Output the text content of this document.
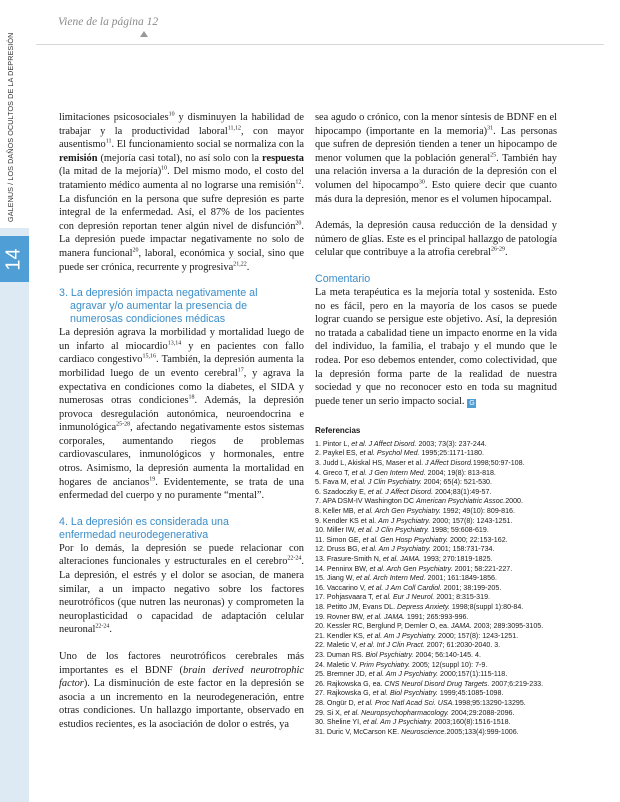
GALENUS / LOS DAÑOS OCULTOS DE LA DEPRESIÓN
14
Viene de la página 12

limitaciones psicosociales$^{10}$ y disminuyen la habilidad de trabajar y la productividad laboral$^{11,12}$, con mayor ausentismo$^{11}$. El funcionamiento social se normaliza con la remisión (mejoría casi total), no así solo con la respuesta (la mitad de la mejoría)$^{10}$. Del mismo modo, el costo del tratamiento médico aumenta al no lograrse una remisión$^{12}$. La disfunción en la persona que sufre depresión es parte integral de la enfermedad. Así, el 87% de los pacientes con depresión reportan tener algún nivel de disfunción$^{20}$. La depresión puede impactar negativamente no solo de manera funcional$^{20}$, laboral, económica y social, sino que puede ser crónica, recurrente y progresiva$^{21,22}$.

3. La depresión impacta negativamente al
agravar y/o aumentar la presencia de
numerosas condiciones médicas

La depresión agrava la morbilidad y mortalidad luego de un infarto al miocardio$^{13,14}$ y en pacientes con fallo cardiaco congestivo$^{15,16}$. También, la depresión aumenta la morbilidad luego de un evento cerebral$^{17}$, y agrava la expectativa en condiciones como la diabetes, el SIDA y numerosas otras condiciones$^{18}$. Además, la depresión provoca desregulación autonómica, neuroendocrina e inmunológica$^{25-28}$, afectando negativamente estos sistemas corporales, aumentando riegos de problemas cardiovasculares, inmunológicos y hormonales, entre otros. Asimismo, la depresión aumenta la mortalidad en hogares de ancianos$^{19}$. Evidentemente, se trata de una enfermedad del cuerpo y no puramente “mental”.

4. La depresión es considerada una
enfermedad neurodegenerativa

Por lo demás, la depresión se puede relacionar con alteraciones funcionales y estructurales en el cerebro$^{22-24}$. La depresión, el estrés y el dolor se asocian, de manera similar, a un impacto negativo sobre los factores neurotróficos (que nutren las neuronas) y comprometen la neuroplasticidad o capacidad de adaptación celular neuronal$^{22-24}$.

Uno de los factores neurotróficos cerebrales más importantes es el BDNF (brain derived neurotrophic factor). La disminución de este factor en la depresión se asocia a un incremento en la neurodegeneración, entre otras condiciones. Un hallazgo importante, observado en estudios recientes, es la asociación de dolor o estrés, ya

sea agudo o crónico, con la menor síntesis de BDNF en el hipocampo (importante en la memoria)$^{31}$. Las personas que sufren de depresión tienden a tener un hipocampo de menor volumen que la población general$^{25}$. También hay una relación inversa a la duración de la depresión con el volumen del hipocampo$^{30}$. Esto quiere decir que cuanto más dura la depresión, menor es el volumen hipocampal.

Además, la depresión causa reducción de la densidad y número de glías. Este es el principal hallazgo de patología celular que contribuye a la atrofia cerebral$^{26-29}$.

Comentario

La meta terapéutica es la mejoría total y sostenida. Esto no es fácil, pero en la mayoría de los casos se puede lograr cuando se persigue este objetivo. Así, la depresión no tratada a cabalidad tiene un impacto enorme en la vida del individuo, la familia, el trabajo y el mundo que le rodea. Por eso debemos entender, como colectividad, que la depresión forma parte de la realidad de nuestra sociedad y que no reconocer esto en toda su magnitud puede tener un serio impacto social. G

Referencias
1. Pintor L, et al. J Affect Disord. 2003; 73(3): 237-244.
2. Paykel ES, et al. Psychol Med. 1995;25:1171-1180.
3. Judd L, Akiskal HS, Maser et al. J Affect Disord.1998;50:97-108.
4. Greco T, et al. J Gen Intern Med. 2004; 19(8): 813-818.
5. Fava M, et al. J Clin Psychiatry. 2004; 65(4): 521-530.
6. Szadoczky E, et al. J Affect Disord. 2004;83(1):49-57.
7. APA DSM-IV Washington DC American Psychiatric Assoc.2000.
8. Keller MB, et al. Arch Gen Psychiatry. 1992; 49(10): 809-816.
9. Kendler KS et al. Am J Psychiatry. 2000; 157(8): 1243-1251.
10. Miller IW, et al. J Clin Psychiatry. 1998; 59:608-619.
11. Simon GE, et al. Gen Hosp Psychiatry. 2000; 22:153-162.
12. Druss BG, et al. Am J Psychiatry. 2001; 158:731-734.
13. Frasure-Smith N, et al. JAMA. 1993; 270:1819-1825.
14. Penninx BW, et al. Arch Gen Psychiatry. 2001; 58:221-227.
15. Jiang W, et al. Arch Intern Med. 2001; 161:1849-1856.
16. Vaccarino V, et al. J Am Coll Cardiol. 2001; 38:199-205.
17. Pohjasvaara T, et al. Eur J Neurol. 2001; 8:315-319.
18. Petitto JM, Evans DL. Depress Anxiety. 1998;8(suppl 1):80-84.
19. Rovner BW, et al. JAMA. 1991; 265:993-996.
20. Kessler RC, Berglund P, Demler O, ea. JAMA. 2003; 289:3095-3105.
21. Kendler KS, et al. Am J Psychiatry. 2000; 157(8): 1243-1251.
22. Maletic V, et al. Int J Clin Pract. 2007; 61:2030-2040. 3.
23. Duman RS. Biol Psychiatry. 2004; 56:140-145. 4.
24. Maletic V. Prim Psychiatry. 2005; 12(suppl 10): 7-9.
25. Bremner JD, et al. Am J Psychiatry. 2000;157(1):115-118.
26. Rajkowska G, ea. CNS Neurol Disord Drug Targets. 2007;6:219-233.
27. Rajkowska G, et al. Biol Psychiatry. 1999;45:1085-1098.
28. Ongür D, et al. Proc Natl Acad Sci. USA.1998;95:13290-13295.
29. Si X, et al. Neuropsychopharmacology. 2004;29:2088-2096.
30. Sheline YI, et al. Am J Psychiatry. 2003;160(8):1516-1518.
31. Duric V, McCarson KE. Neuroscience.2005;133(4):999-1006.
